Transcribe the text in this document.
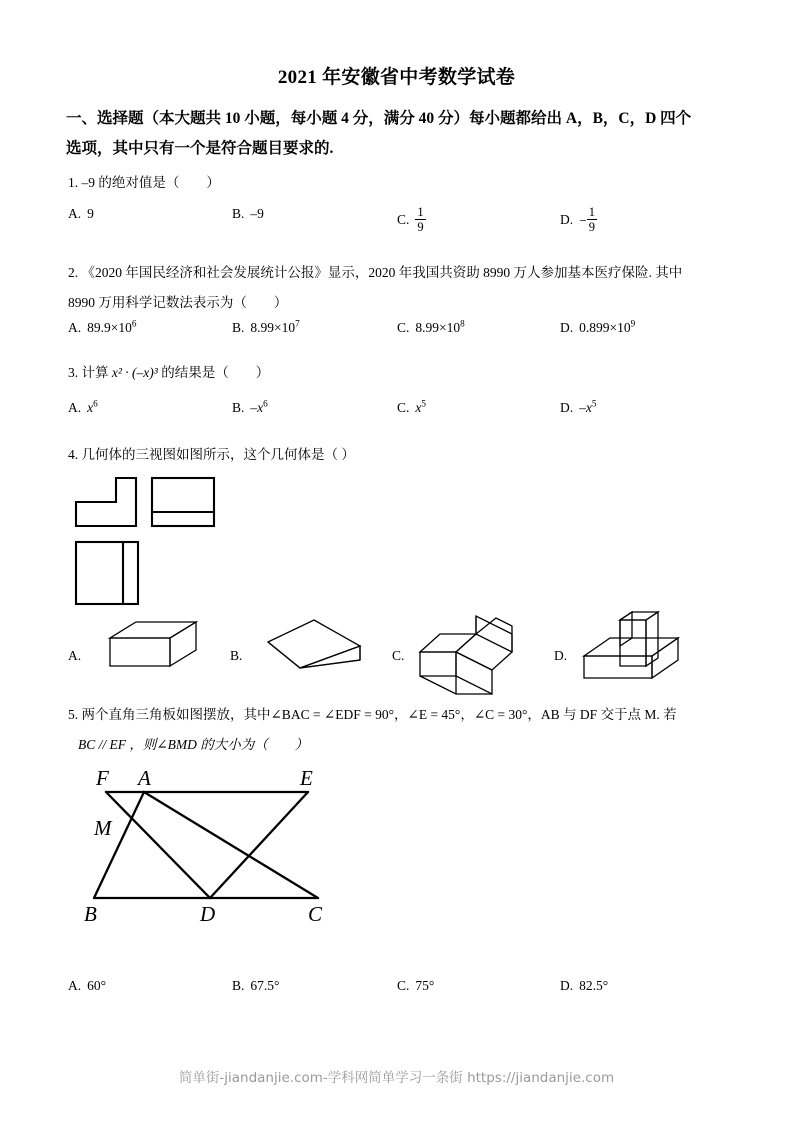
2021 年安徽省中考数学试卷
一、选择题（本大题共 10 小题，每小题 4 分，满分 40 分）每小题都给出 A，B，C，D 四个
选项，其中只有一个是符合题目要求的.
1. –9 的绝对值是（　　）
A. 9	B. –9	C. $\frac{1}{9}$	D. − $\frac{1}{9}$
2. 《2020 年国民经济和社会发展统计公报》显示，2020 年我国共资助 8990 万人参加基本医疗保险. 其中
8990 万用科学记数法表示为（　　）
A. $89.9\times 10^6$	B. $8.99\times 10^7$	C. $8.99\times 10^8$	D. $0.899\times 10^9$
3. 计算 x² · (–x)³ 的结果是（　　）
A. $x^6$	B. $-x^6$	C. $x^5$	D. $-x^5$
4. 几何体的三视图如图所示，这个几何体是（ ）
A.	B.	C.	D.
5. 两个直角三角板如图摆放，其中∠BAC = ∠EDF = 90°，∠E = 45°，∠C = 30°，AB 与 DF 交于点 M. 若
BC // EF ，则∠BMD 的大小为（　　）
F A	E
M
B	D	C
A. 60°	B. 67.5°	C. 75°	D. 82.5°
简单街-jiandanjie.com-学科网简单学习一条街 https://jiandanjie.com
